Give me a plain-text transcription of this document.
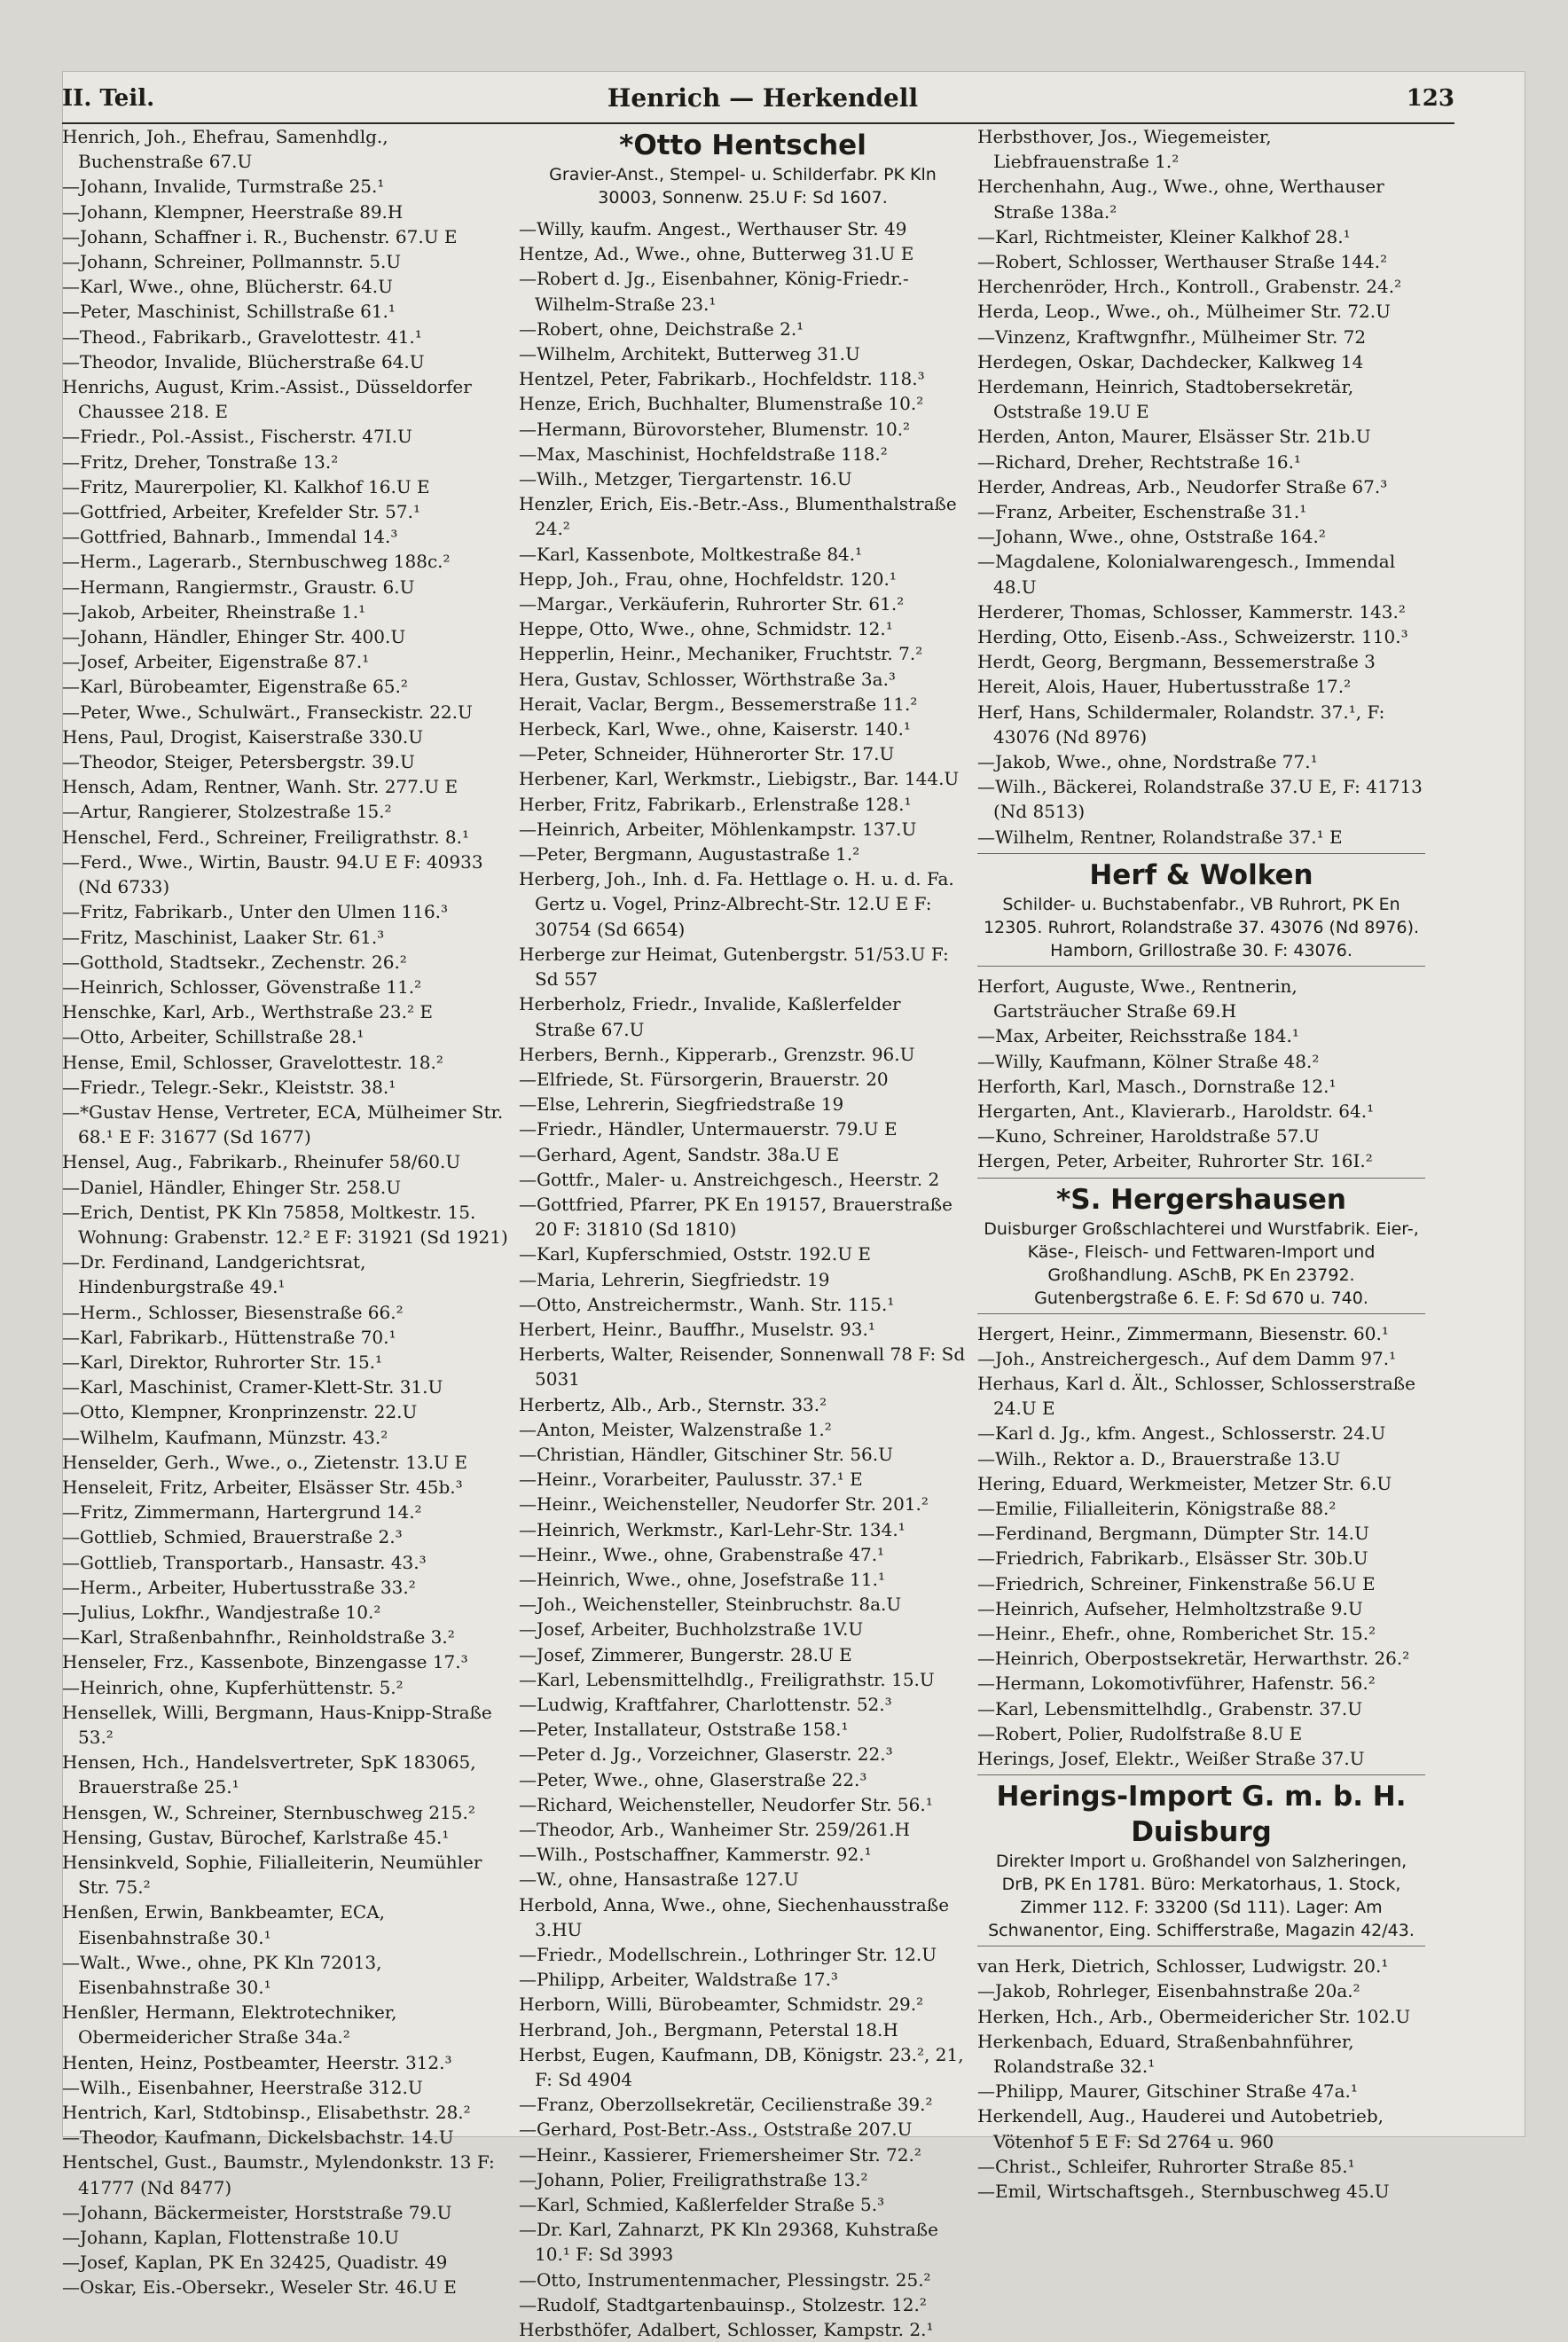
II. Teil.	Henrich — Herkendell	123

Henrich, Joh., Ehefrau, Samenhdlg., Buchenstraße 67.U

—Johann, Invalide, Turmstraße 25.¹

—Johann, Klempner, Heerstraße 89.H

—Johann, Schaffner i. R., Buchenstr. 67.U E

—Johann, Schreiner, Pollmannstr. 5.U

—Karl, Wwe., ohne, Blücherstr. 64.U

—Peter, Maschinist, Schillstraße 61.¹

—Theod., Fabrikarb., Gravelottestr. 41.¹

—Theodor, Invalide, Blücherstraße 64.U

Henrichs, August, Krim.-Assist., Düsseldorfer Chaussee 218. E

—Friedr., Pol.-Assist., Fischerstr. 47I.U

—Fritz, Dreher, Tonstraße 13.²

—Fritz, Maurerpolier, Kl. Kalkhof 16.U E

—Gottfried, Arbeiter, Krefelder Str. 57.¹

—Gottfried, Bahnarb., Immendal 14.³

—Herm., Lagerarb., Sternbuschweg 188c.²

—Hermann, Rangiermstr., Graustr. 6.U

—Jakob, Arbeiter, Rheinstraße 1.¹

—Johann, Händler, Ehinger Str. 400.U

—Josef, Arbeiter, Eigenstraße 87.¹

—Karl, Bürobeamter, Eigenstraße 65.²

—Peter, Wwe., Schulwärt., Franseckistr. 22.U

Hens, Paul, Drogist, Kaiserstraße 330.U

—Theodor, Steiger, Petersbergstr. 39.U

Hensch, Adam, Rentner, Wanh. Str. 277.U E

—Artur, Rangierer, Stolzestraße 15.²

Henschel, Ferd., Schreiner, Freiligrathstr. 8.¹

—Ferd., Wwe., Wirtin, Baustr. 94.U E F: 40933 (Nd 6733)

—Fritz, Fabrikarb., Unter den Ulmen 116.³

—Fritz, Maschinist, Laaker Str. 61.³

—Gotthold, Stadtsekr., Zechenstr. 26.²

—Heinrich, Schlosser, Gövenstraße 11.²

Henschke, Karl, Arb., Werthstraße 23.² E

—Otto, Arbeiter, Schillstraße 28.¹

Hense, Emil, Schlosser, Gravelottestr. 18.²

—Friedr., Telegr.-Sekr., Kleiststr. 38.¹

—*Gustav Hense, Vertreter, ECA, Mülheimer Str. 68.¹ E F: 31677 (Sd 1677)

Hensel, Aug., Fabrikarb., Rheinufer 58/60.U

—Daniel, Händler, Ehinger Str. 258.U

—Erich, Dentist, PK Kln 75858, Moltkestr. 15. Wohnung: Grabenstr. 12.² E F: 31921 (Sd 1921)

—Dr. Ferdinand, Landgerichtsrat, Hindenburgstraße 49.¹

—Herm., Schlosser, Biesenstraße 66.²

—Karl, Fabrikarb., Hüttenstraße 70.¹

—Karl, Direktor, Ruhrorter Str. 15.¹

—Karl, Maschinist, Cramer-Klett-Str. 31.U

—Otto, Klempner, Kronprinzenstr. 22.U

—Wilhelm, Kaufmann, Münzstr. 43.²

Henselder, Gerh., Wwe., o., Zietenstr. 13.U E

Henseleit, Fritz, Arbeiter, Elsässer Str. 45b.³

—Fritz, Zimmermann, Hartergrund 14.²

—Gottlieb, Schmied, Brauerstraße 2.³

—Gottlieb, Transportarb., Hansastr. 43.³

—Herm., Arbeiter, Hubertusstraße 33.²

—Julius, Lokfhr., Wandjestraße 10.²

—Karl, Straßenbahnfhr., Reinholdstraße 3.²

Henseler, Frz., Kassenbote, Binzengasse 17.³

—Heinrich, ohne, Kupferhüttenstr. 5.²

Hensellek, Willi, Bergmann, Haus-Knipp-Straße 53.²

Hensen, Hch., Handelsvertreter, SpK 183065, Brauerstraße 25.¹

Hensgen, W., Schreiner, Sternbuschweg 215.²

Hensing, Gustav, Bürochef, Karlstraße 45.¹

Hensinkveld, Sophie, Filialleiterin, Neumühler Str. 75.²

Henßen, Erwin, Bankbeamter, ECA, Eisenbahnstraße 30.¹

—Walt., Wwe., ohne, PK Kln 72013, Eisenbahnstraße 30.¹

Henßler, Hermann, Elektrotechniker, Obermeidericher Straße 34a.²

Henten, Heinz, Postbeamter, Heerstr. 312.³

—Wilh., Eisenbahner, Heerstraße 312.U

Hentrich, Karl, Stdtobinsp., Elisabethstr. 28.²

—Theodor, Kaufmann, Dickelsbachstr. 14.U

Hentschel, Gust., Baumstr., Mylendonkstr. 13 F: 41777 (Nd 8477)

—Johann, Bäckermeister, Horststraße 79.U

—Johann, Kaplan, Flottenstraße 10.U

—Josef, Kaplan, PK En 32425, Quadistr. 49

—Oskar, Eis.-Obersekr., Weseler Str. 46.U E

*Otto Hentschel
Gravier-Anst., Stempel- u. Schilderfabr. PK Kln 30003, Sonnenw. 25.U F: Sd 1607.

—Willy, kaufm. Angest., Werthauser Str. 49

Hentze, Ad., Wwe., ohne, Butterweg 31.U E

—Robert d. Jg., Eisenbahner, König-Friedr.-Wilhelm-Straße 23.¹

—Robert, ohne, Deichstraße 2.¹

—Wilhelm, Architekt, Butterweg 31.U

Hentzel, Peter, Fabrikarb., Hochfeldstr. 118.³

Henze, Erich, Buchhalter, Blumenstraße 10.²

—Hermann, Bürovorsteher, Blumenstr. 10.²

—Max, Maschinist, Hochfeldstraße 118.²

—Wilh., Metzger, Tiergartenstr. 16.U

Henzler, Erich, Eis.-Betr.-Ass., Blumenthalstraße 24.²

—Karl, Kassenbote, Moltkestraße 84.¹

Hepp, Joh., Frau, ohne, Hochfeldstr. 120.¹

—Margar., Verkäuferin, Ruhrorter Str. 61.²

Heppe, Otto, Wwe., ohne, Schmidstr. 12.¹

Hepperlin, Heinr., Mechaniker, Fruchtstr. 7.²

Hera, Gustav, Schlosser, Wörthstraße 3a.³

Herait, Vaclar, Bergm., Bessemerstraße 11.²

Herbeck, Karl, Wwe., ohne, Kaiserstr. 140.¹

—Peter, Schneider, Hühnerorter Str. 17.U

Herbener, Karl, Werkmstr., Liebigstr., Bar. 144.U

Herber, Fritz, Fabrikarb., Erlenstraße 128.¹

—Heinrich, Arbeiter, Möhlenkampstr. 137.U

—Peter, Bergmann, Augustastraße 1.²

Herberg, Joh., Inh. d. Fa. Hettlage o. H. u. d. Fa. Gertz u. Vogel, Prinz-Albrecht-Str. 12.U E F: 30754 (Sd 6654)

Herberge zur Heimat, Gutenbergstr. 51/53.U F: Sd 557

Herberholz, Friedr., Invalide, Kaßlerfelder Straße 67.U

Herbers, Bernh., Kipperarb., Grenzstr. 96.U

—Elfriede, St. Fürsorgerin, Brauerstr. 20

—Else, Lehrerin, Siegfriedstraße 19

—Friedr., Händler, Untermauerstr. 79.U E

—Gerhard, Agent, Sandstr. 38a.U E

—Gottfr., Maler- u. Anstreichgesch., Heerstr. 2

—Gottfried, Pfarrer, PK En 19157, Brauerstraße 20 F: 31810 (Sd 1810)

—Karl, Kupferschmied, Oststr. 192.U E

—Maria, Lehrerin, Siegfriedstr. 19

—Otto, Anstreichermstr., Wanh. Str. 115.¹

Herbert, Heinr., Bauffhr., Muselstr. 93.¹

Herberts, Walter, Reisender, Sonnenwall 78 F: Sd 5031

Herbertz, Alb., Arb., Sternstr. 33.²

—Anton, Meister, Walzenstraße 1.²

—Christian, Händler, Gitschiner Str. 56.U

—Heinr., Vorarbeiter, Paulusstr. 37.¹ E

—Heinr., Weichensteller, Neudorfer Str. 201.²

—Heinrich, Werkmstr., Karl-Lehr-Str. 134.¹

—Heinr., Wwe., ohne, Grabenstraße 47.¹

—Heinrich, Wwe., ohne, Josefstraße 11.¹

—Joh., Weichensteller, Steinbruchstr. 8a.U

—Josef, Arbeiter, Buchholzstraße 1V.U

—Josef, Zimmerer, Bungerstr. 28.U E

—Karl, Lebensmittelhdlg., Freiligrathstr. 15.U

—Ludwig, Kraftfahrer, Charlottenstr. 52.³

—Peter, Installateur, Oststraße 158.¹

—Peter d. Jg., Vorzeichner, Glaserstr. 22.³

—Peter, Wwe., ohne, Glaserstraße 22.³

—Richard, Weichensteller, Neudorfer Str. 56.¹

—Theodor, Arb., Wanheimer Str. 259/261.H

—Wilh., Postschaffner, Kammerstr. 92.¹

—W., ohne, Hansastraße 127.U

Herbold, Anna, Wwe., ohne, Siechenhausstraße 3.HU

—Friedr., Modellschrein., Lothringer Str. 12.U

—Philipp, Arbeiter, Waldstraße 17.³

Herborn, Willi, Bürobeamter, Schmidstr. 29.²

Herbrand, Joh., Bergmann, Peterstal 18.H

Herbst, Eugen, Kaufmann, DB, Königstr. 23.², 21, F: Sd 4904

—Franz, Oberzollsekretär, Cecilienstraße 39.²

—Gerhard, Post-Betr.-Ass., Oststraße 207.U

—Heinr., Kassierer, Friemersheimer Str. 72.²

—Johann, Polier, Freiligrathstraße 13.²

—Karl, Schmied, Kaßlerfelder Straße 5.³

—Dr. Karl, Zahnarzt, PK Kln 29368, Kuhstraße 10.¹ F: Sd 3993

—Otto, Instrumentenmacher, Plessingstr. 25.²

—Rudolf, Stadtgartenbauinsp., Stolzestr. 12.²

Herbsthöfer, Adalbert, Schlosser, Kampstr. 2.¹

Herbsthover, Jos., Wiegemeister, Liebfrauenstraße 1.²

Herchenhahn, Aug., Wwe., ohne, Werthauser Straße 138a.²

—Karl, Richtmeister, Kleiner Kalkhof 28.¹

—Robert, Schlosser, Werthauser Straße 144.²

Herchenröder, Hrch., Kontroll., Grabenstr. 24.²

Herda, Leop., Wwe., oh., Mülheimer Str. 72.U

—Vinzenz, Kraftwgnfhr., Mülheimer Str. 72

Herdegen, Oskar, Dachdecker, Kalkweg 14

Herdemann, Heinrich, Stadtobersekretär, Oststraße 19.U E

Herden, Anton, Maurer, Elsässer Str. 21b.U

—Richard, Dreher, Rechtstraße 16.¹

Herder, Andreas, Arb., Neudorfer Straße 67.³

—Franz, Arbeiter, Eschenstraße 31.¹

—Johann, Wwe., ohne, Oststraße 164.²

—Magdalene, Kolonialwarengesch., Immendal 48.U

Herderer, Thomas, Schlosser, Kammerstr. 143.²

Herding, Otto, Eisenb.-Ass., Schweizerstr. 110.³

Herdt, Georg, Bergmann, Bessemerstraße 3

Hereit, Alois, Hauer, Hubertusstraße 17.²

Herf, Hans, Schildermaler, Rolandstr. 37.¹, F: 43076 (Nd 8976)

—Jakob, Wwe., ohne, Nordstraße 77.¹

—Wilh., Bäckerei, Rolandstraße 37.U E, F: 41713 (Nd 8513)

—Wilhelm, Rentner, Rolandstraße 37.¹ E

Herf & Wolken
Schilder- u. Buchstabenfabr., VB Ruhrort, PK En 12305. Ruhrort, Rolandstraße 37. 43076 (Nd 8976). Hamborn, Grillostraße 30. F: 43076.

Herfort, Auguste, Wwe., Rentnerin, Gartsträucher Straße 69.H

—Max, Arbeiter, Reichsstraße 184.¹

—Willy, Kaufmann, Kölner Straße 48.²

Herforth, Karl, Masch., Dornstraße 12.¹

Hergarten, Ant., Klavierarb., Haroldstr. 64.¹

—Kuno, Schreiner, Haroldstraße 57.U

Hergen, Peter, Arbeiter, Ruhrorter Str. 16I.²

*S. Hergershausen
Duisburger Großschlachterei und Wurstfabrik. Eier-, Käse-, Fleisch- und Fettwaren-Import und Großhandlung. ASchB, PK En 23792. Gutenbergstraße 6. E. F: Sd 670 u. 740.

Hergert, Heinr., Zimmermann, Biesenstr. 60.¹

—Joh., Anstreichergesch., Auf dem Damm 97.¹

Herhaus, Karl d. Ält., Schlosser, Schlosserstraße 24.U E

—Karl d. Jg., kfm. Angest., Schlosserstr. 24.U

—Wilh., Rektor a. D., Brauerstraße 13.U

Hering, Eduard, Werkmeister, Metzer Str. 6.U

—Emilie, Filialleiterin, Königstraße 88.²

—Ferdinand, Bergmann, Dümpter Str. 14.U

—Friedrich, Fabrikarb., Elsässer Str. 30b.U

—Friedrich, Schreiner, Finkenstraße 56.U E

—Heinrich, Aufseher, Helmholtzstraße 9.U

—Heinr., Ehefr., ohne, Romberichet Str. 15.²

—Heinrich, Oberpostsekretär, Herwarthstr. 26.²

—Hermann, Lokomotivführer, Hafenstr. 56.²

—Karl, Lebensmittelhdlg., Grabenstr. 37.U

—Robert, Polier, Rudolfstraße 8.U E

Herings, Josef, Elektr., Weißer Straße 37.U

Herings-Import G. m. b. H. Duisburg
Direkter Import u. Großhandel von Salzheringen, DrB, PK En 1781. Büro: Merkatorhaus, 1. Stock, Zimmer 112. F: 33200 (Sd 111). Lager: Am Schwanentor, Eing. Schifferstraße, Magazin 42/43.

van Herk, Dietrich, Schlosser, Ludwigstr. 20.¹

—Jakob, Rohrleger, Eisenbahnstraße 20a.²

Herken, Hch., Arb., Obermeidericher Str. 102.U

Herkenbach, Eduard, Straßenbahnführer, Rolandstraße 32.¹

—Philipp, Maurer, Gitschiner Straße 47a.¹

Herkendell, Aug., Hauderei und Autobetrieb, Vötenhof 5 E F: Sd 2764 u. 960

—Christ., Schleifer, Ruhrorter Straße 85.¹

—Emil, Wirtschaftsgeh., Sternbuschweg 45.U
